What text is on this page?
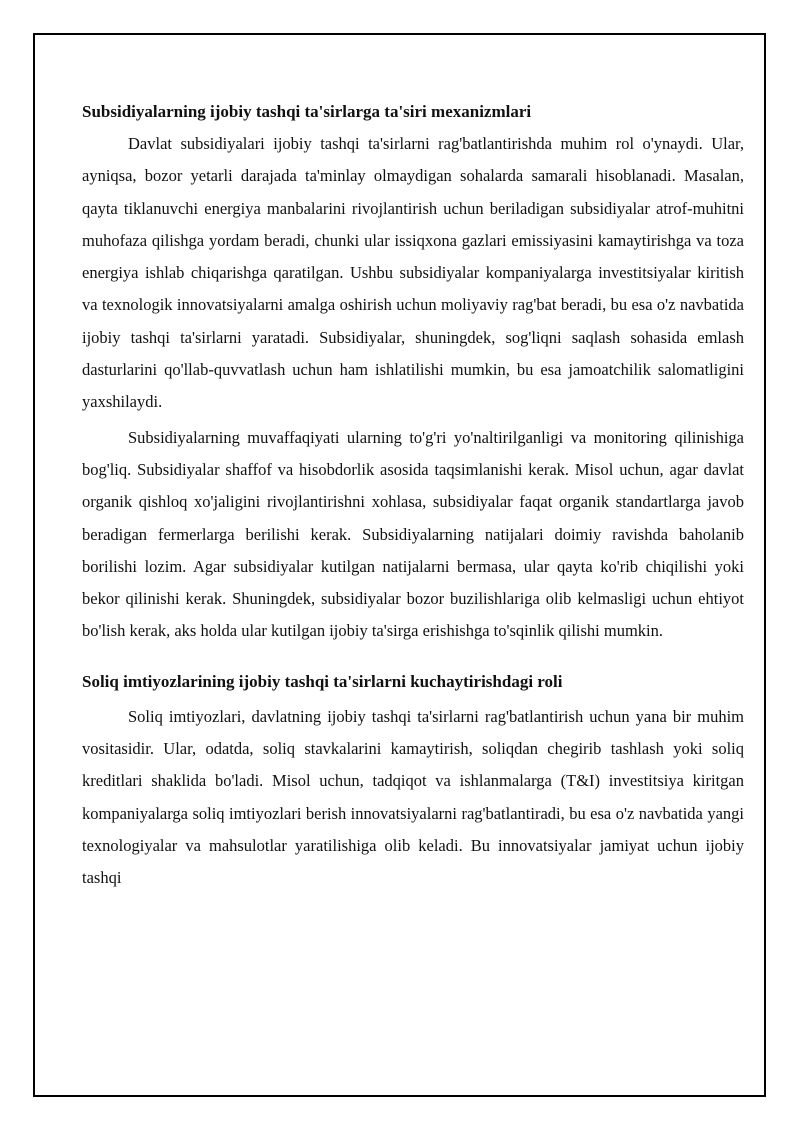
Subsidiyalarning ijobiy tashqi ta'sirlarga ta'siri mexanizmlari

Davlat subsidiyalari ijobiy tashqi ta'sirlarni rag'batlantirishda muhim rol o'ynaydi. Ular, ayniqsa, bozor yetarli darajada ta'minlay olmaydigan sohalarda samarali hisoblanadi. Masalan, qayta tiklanuvchi energiya manbalarini rivojlantirish uchun beriladigan subsidiyalar atrof-muhitni muhofaza qilishga yordam beradi, chunki ular issiqxona gazlari emissiyasini kamaytirishga va toza energiya ishlab chiqarishga qaratilgan. Ushbu subsidiyalar kompaniyalarga investitsiyalar kiritish va texnologik innovatsiyalarni amalga oshirish uchun moliyaviy rag'bat beradi, bu esa o'z navbatida ijobiy tashqi ta'sirlarni yaratadi. Subsidiyalar, shuningdek, sog'liqni saqlash sohasida emlash dasturlarini qo'llab-quvvatlash uchun ham ishlatilishi mumkin, bu esa jamoatchilik salomatligini yaxshilaydi.

Subsidiyalarning muvaffaqiyati ularning to'g'ri yo'naltirilganligi va monitoring qilinishiga bog'liq. Subsidiyalar shaffof va hisobdorlik asosida taqsimlanishi kerak. Misol uchun, agar davlat organik qishloq xo'jaligini rivojlantirishni xohlasa, subsidiyalar faqat organik standartlarga javob beradigan fermerlarga berilishi kerak. Subsidiyalarning natijalari doimiy ravishda baholanib borilishi lozim. Agar subsidiyalar kutilgan natijalarni bermasa, ular qayta ko'rib chiqilishi yoki bekor qilinishi kerak. Shuningdek, subsidiyalar bozor buzilishlariga olib kelmasligi uchun ehtiyot bo'lish kerak, aks holda ular kutilgan ijobiy ta'sirga erishishga to'sqinlik qilishi mumkin.

Soliq imtiyozlarining ijobiy tashqi ta'sirlarni kuchaytirishdagi roli

Soliq imtiyozlari, davlatning ijobiy tashqi ta'sirlarni rag'batlantirish uchun yana bir muhim vositasidir. Ular, odatda, soliq stavkalarini kamaytirish, soliqdan chegirib tashlash yoki soliq kreditlari shaklida bo'ladi. Misol uchun, tadqiqot va ishlanmalarga (T&I) investitsiya kiritgan kompaniyalarga soliq imtiyozlari berish innovatsiyalarni rag'batlantiradi, bu esa o'z navbatida yangi texnologiyalar va mahsulotlar yaratilishiga olib keladi. Bu innovatsiyalar jamiyat uchun ijobiy tashqi
